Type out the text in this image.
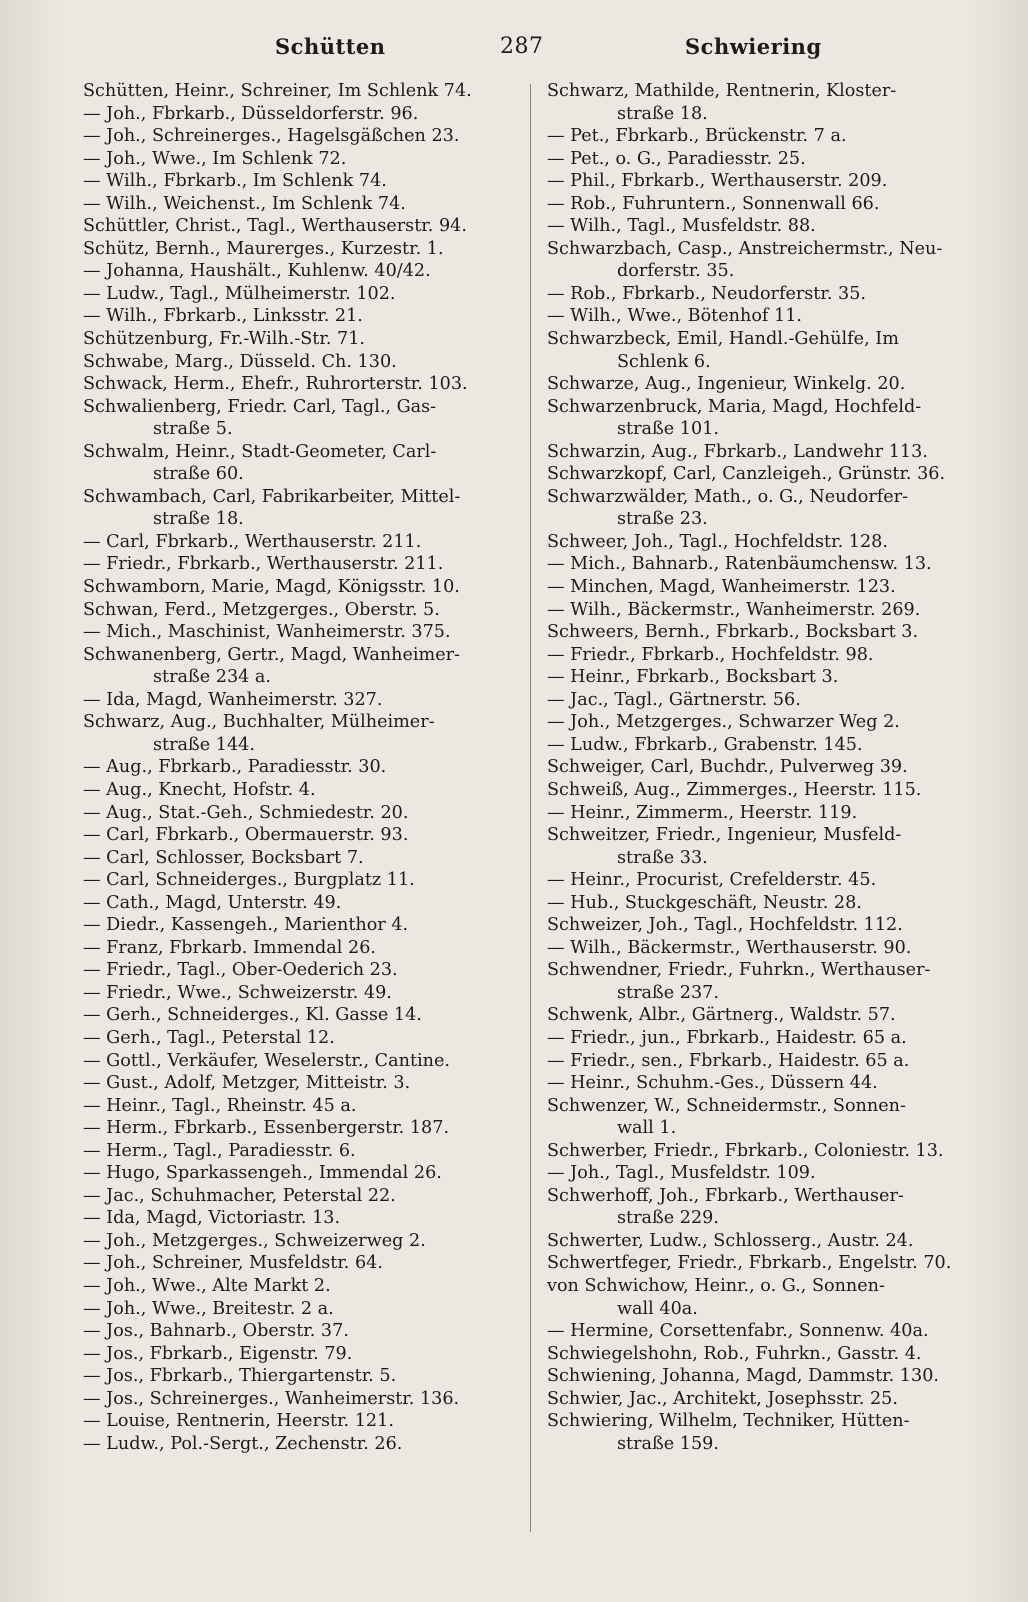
Schütten	287	Schwiering
Schütten, Heinr., Schreiner, Im Schlenk 74.
— Joh., Fbrkarb., Düsseldorferstr. 96.
— Joh., Schreinerges., Hagelsgäßchen 23.
— Joh., Wwe., Im Schlenk 72.
— Wilh., Fbrkarb., Im Schlenk 74.
— Wilh., Weichenst., Im Schlenk 74.
Schüttler, Christ., Tagl., Werthauserstr. 94.
Schütz, Bernh., Maurerges., Kurzestr. 1.
— Johanna, Haushält., Kuhlenw. 40/42.
— Ludw., Tagl., Mülheimerstr. 102.
— Wilh., Fbrkarb., Linksstr. 21.
Schützenburg, Fr.-Wilh.-Str. 71.
Schwabe, Marg., Düsseld. Ch. 130.
Schwack, Herm., Ehefr., Ruhrorterstr. 103.
Schwalienberg, Friedr. Carl, Tagl., Gas-
straße 5.
Schwalm, Heinr., Stadt-Geometer, Carl-
straße 60.
Schwambach, Carl, Fabrikarbeiter, Mittel-
straße 18.
— Carl, Fbrkarb., Werthauserstr. 211.
— Friedr., Fbrkarb., Werthauserstr. 211.
Schwamborn, Marie, Magd, Königsstr. 10.
Schwan, Ferd., Metzgerges., Oberstr. 5.
— Mich., Maschinist, Wanheimerstr. 375.
Schwanenberg, Gertr., Magd, Wanheimer-
straße 234 a.
— Ida, Magd, Wanheimerstr. 327.
Schwarz, Aug., Buchhalter, Mülheimer-
straße 144.
— Aug., Fbrkarb., Paradiesstr. 30.
— Aug., Knecht, Hofstr. 4.
— Aug., Stat.-Geh., Schmiedestr. 20.
— Carl, Fbrkarb., Obermauerstr. 93.
— Carl, Schlosser, Bocksbart 7.
— Carl, Schneiderges., Burgplatz 11.
— Cath., Magd, Unterstr. 49.
— Diedr., Kassengeh., Marienthor 4.
— Franz, Fbrkarb. Immendal 26.
— Friedr., Tagl., Ober-Oederich 23.
— Friedr., Wwe., Schweizerstr. 49.
— Gerh., Schneiderges., Kl. Gasse 14.
— Gerh., Tagl., Peterstal 12.
— Gottl., Verkäufer, Weselerstr., Cantine.
— Gust., Adolf, Metzger, Mitteistr. 3.
— Heinr., Tagl., Rheinstr. 45 a.
— Herm., Fbrkarb., Essenbergerstr. 187.
— Herm., Tagl., Paradiesstr. 6.
— Hugo, Sparkassengeh., Immendal 26.
— Jac., Schuhmacher, Peterstal 22.
— Ida, Magd, Victoriastr. 13.
— Joh., Metzgerges., Schweizerweg 2.
— Joh., Schreiner, Musfeldstr. 64.
— Joh., Wwe., Alte Markt 2.
— Joh., Wwe., Breitestr. 2 a.
— Jos., Bahnarb., Oberstr. 37.
— Jos., Fbrkarb., Eigenstr. 79.
— Jos., Fbrkarb., Thiergartenstr. 5.
— Jos., Schreinerges., Wanheimerstr. 136.
— Louise, Rentnerin, Heerstr. 121.
— Ludw., Pol.-Sergt., Zechenstr. 26.
Schwarz, Mathilde, Rentnerin, Kloster-
straße 18.
— Pet., Fbrkarb., Brückenstr. 7 a.
— Pet., o. G., Paradiesstr. 25.
— Phil., Fbrkarb., Werthauserstr. 209.
— Rob., Fuhruntern., Sonnenwall 66.
— Wilh., Tagl., Musfeldstr. 88.
Schwarzbach, Casp., Anstreichermstr., Neu-
dorferstr. 35.
— Rob., Fbrkarb., Neudorferstr. 35.
— Wilh., Wwe., Bötenhof 11.
Schwarzbeck, Emil, Handl.-Gehülfe, Im
Schlenk 6.
Schwarze, Aug., Ingenieur, Winkelg. 20.
Schwarzenbruck, Maria, Magd, Hochfeld-
straße 101.
Schwarzin, Aug., Fbrkarb., Landwehr 113.
Schwarzkopf, Carl, Canzleigeh., Grünstr. 36.
Schwarzwälder, Math., o. G., Neudorfer-
straße 23.
Schweer, Joh., Tagl., Hochfeldstr. 128.
— Mich., Bahnarb., Ratenbäumchensw. 13.
— Minchen, Magd, Wanheimerstr. 123.
— Wilh., Bäckermstr., Wanheimerstr. 269.
Schweers, Bernh., Fbrkarb., Bocksbart 3.
— Friedr., Fbrkarb., Hochfeldstr. 98.
— Heinr., Fbrkarb., Bocksbart 3.
— Jac., Tagl., Gärtnerstr. 56.
— Joh., Metzgerges., Schwarzer Weg 2.
— Ludw., Fbrkarb., Grabenstr. 145.
Schweiger, Carl, Buchdr., Pulverweg 39.
Schweiß, Aug., Zimmerges., Heerstr. 115.
— Heinr., Zimmerm., Heerstr. 119.
Schweitzer, Friedr., Ingenieur, Musfeld-
straße 33.
— Heinr., Procurist, Crefelderstr. 45.
— Hub., Stuckgeschäft, Neustr. 28.
Schweizer, Joh., Tagl., Hochfeldstr. 112.
— Wilh., Bäckermstr., Werthauserstr. 90.
Schwendner, Friedr., Fuhrkn., Werthauser-
straße 237.
Schwenk, Albr., Gärtnerg., Waldstr. 57.
— Friedr., jun., Fbrkarb., Haidestr. 65 a.
— Friedr., sen., Fbrkarb., Haidestr. 65 a.
— Heinr., Schuhm.-Ges., Düssern 44.
Schwenzer, W., Schneidermstr., Sonnen-
wall 1.
Schwerber, Friedr., Fbrkarb., Coloniestr. 13.
— Joh., Tagl., Musfeldstr. 109.
Schwerhoff, Joh., Fbrkarb., Werthauser-
straße 229.
Schwerter, Ludw., Schlosserg., Austr. 24.
Schwertfeger, Friedr., Fbrkarb., Engelstr. 70.
von Schwichow, Heinr., o. G., Sonnen-
wall 40a.
— Hermine, Corsettenfabr., Sonnenw. 40a.
Schwiegelshohn, Rob., Fuhrkn., Gasstr. 4.
Schwiening, Johanna, Magd, Dammstr. 130.
Schwier, Jac., Architekt, Josephsstr. 25.
Schwiering, Wilhelm, Techniker, Hütten-
straße 159.
